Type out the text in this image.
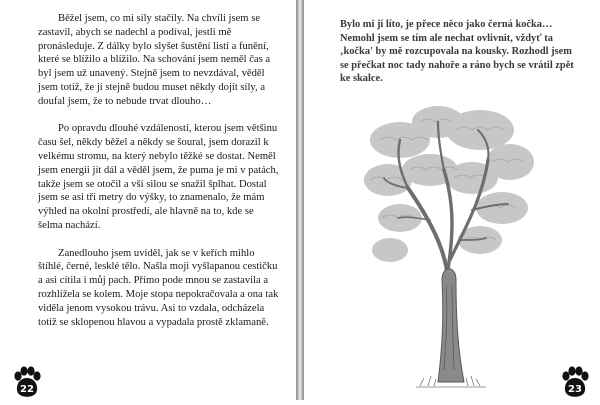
Běžel jsem, co mi síly stačily. Na chvíli jsem se zastavil, abych se nadechl a podíval, jestli mě pronásleduje. Z dálky bylo slyšet šustění listí a funění, které se blížilo a blížilo. Na schování jsem neměl čas a byl jsem už unavený. Stejně jsem to nevzdával, věděl jsem totiž, že jí stejně budou muset někdy dojít síly, a doufal jsem, že to nebude trvat dlouho…

Po opravdu dlouhé vzdálenosti, kterou jsem většinu času šel, někdy běžel a někdy se šoural, jsem dorazil k velkému stromu, na který nebylo těžké se dostat. Neměl jsem energii jít dál a věděl jsem, že puma je mi v patách, takže jsem se otočil a vší silou se snažil šplhat. Dostal jsem se asi tři metry do výšky, to znamenalo, že mám výhled na okolní prostředí, ale hlavně na to, kde se šelma nachází.

Zanedlouho jsem uviděl, jak se v keřích mihlo štíhlé, černé, lesklé tělo. Našla moji vyšlapanou cestičku a asi cítila i můj pach. Přímo pode mnou se zastavila a rozhlížela se kolem. Moje stopa nepokračovala a ona tak viděla jenom vysokou trávu. Asi to vzdala, odcházela totiž se sklopenou hlavou a vypadala prostě zklamaně.

Bylo mi jí líto, je přece něco jako černá kočka… Nemohl jsem se tím ale nechat ovlivnit, vždyť ta ‚kočka' by mě rozcupovala na kousky. Rozhodl jsem se přečkat noc tady nahoře a ráno bych se vrátil zpět ke skalce.

22	23
